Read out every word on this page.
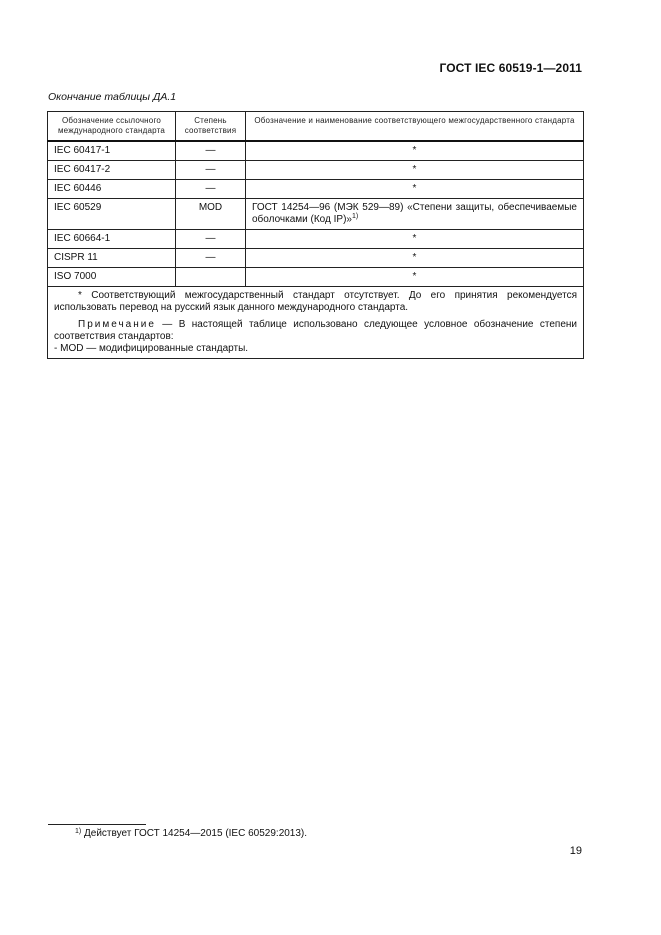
ГОСТ IEC 60519-1—2011
Окончание таблицы ДА.1
Обозначение ссылочного международного стандарта	Степень соответствия	Обозначение и наименование соответствующего межгосударственного стандарта
IEC 60417-1	—	*
IEC 60417-2	—	*
IEC 60446	—	*
IEC 60529	MOD	ГОСТ 14254—96 (МЭК 529—89) «Степени защиты, обеспечиваемые оболочками (Код IP)»$^{1)}$
IEC 60664-1	—	*
CISPR 11	—	*
ISO 7000		*

* Соответствующий межгосударственный стандарт отсутствует. До его принятия рекомендуется использовать перевод на русский язык данного международного стандарта.

Примечание — В настоящей таблице использовано следующее условное обозначение степени соответствия стандартов:

- MOD — модифицированные стандарты.		

$^{1)}$ Действует ГОСТ 14254—2015 (IEC 60529:2013).
19
